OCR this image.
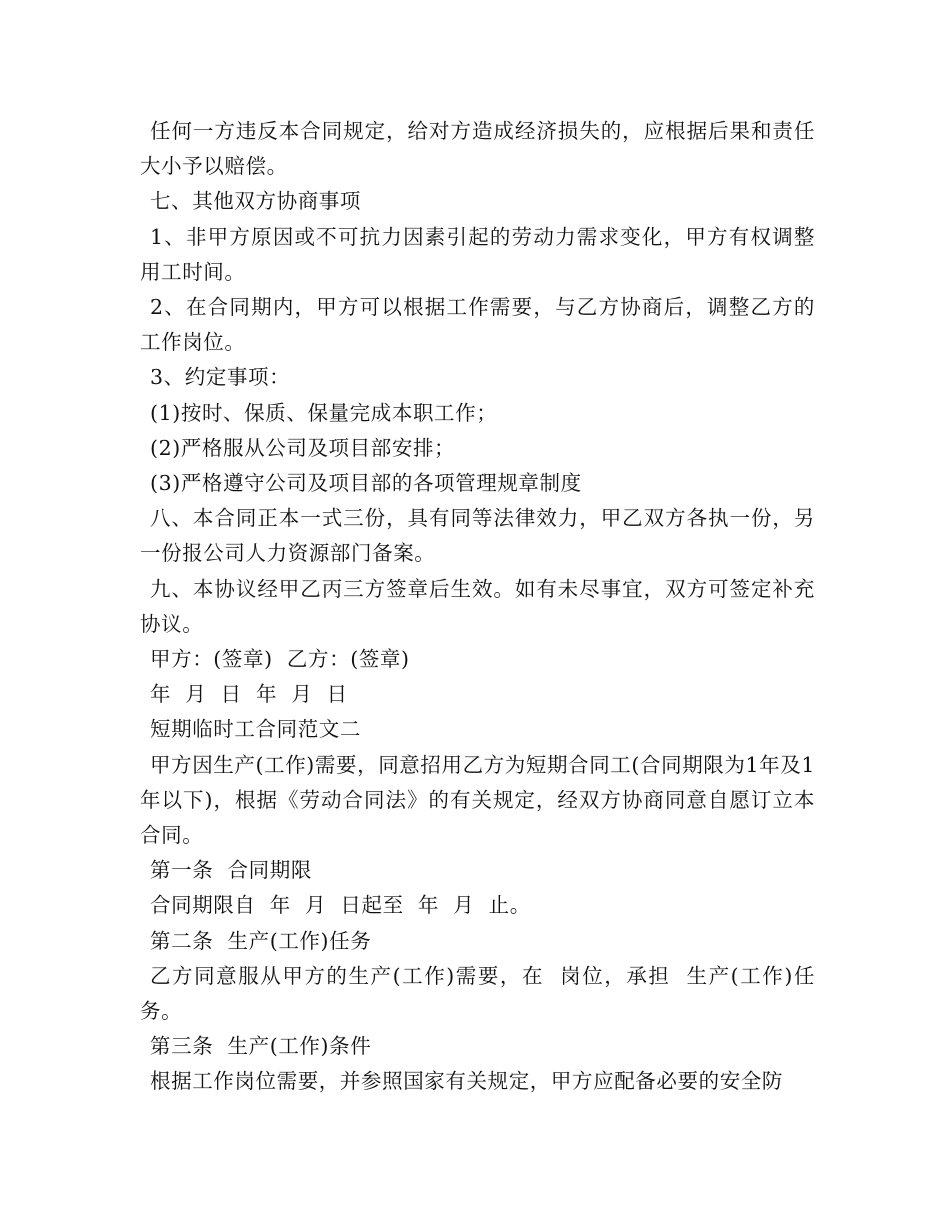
任何一方违反本合同规定，给对方造成经济损失的，应根据后果和责任大小予以赔偿。

七、其他双方协商事项

1、非甲方原因或不可抗力因素引起的劳动力需求变化，甲方有权调整用工时间。

2、在合同期内，甲方可以根据工作需要，与乙方协商后，调整乙方的工作岗位。

3、约定事项：

(1)按时、保质、保量完成本职工作；

(2)严格服从公司及项目部安排；

(3)严格遵守公司及项目部的各项管理规章制度

八、本合同正本一式三份，具有同等法律效力，甲乙双方各执一份，另一份报公司人力资源部门备案。

九、本协议经甲乙丙三方签章后生效。如有未尽事宜，双方可签定补充协议。

甲方：(签章)  乙方：(签章)

年  月  日  年  月  日

短期临时工合同范文二

甲方因生产(工作)需要，同意招用乙方为短期合同工(合同期限为1年及1年以下)，根据《劳动合同法》的有关规定，经双方协商同意自愿订立本合同。

第一条  合同期限

合同期限自  年  月  日起至  年  月  止。

第二条  生产(工作)任务

乙方同意服从甲方的生产(工作)需要，在  岗位，承担  生产(工作)任务。

第三条  生产(工作)条件

根据工作岗位需要，并参照国家有关规定，甲方应配备必要的安全防
